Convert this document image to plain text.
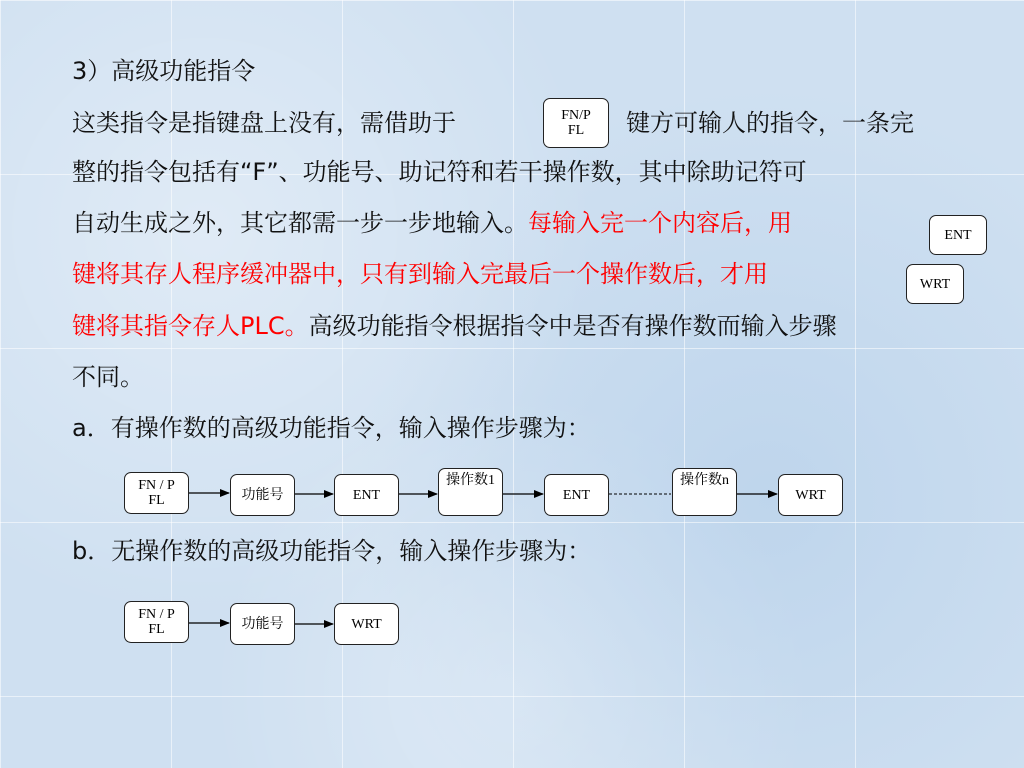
3）高级功能指令
这类指令是指键盘上没有，需借助于	FN/P
FL 键方可输人的指令，一条完
整的指令包括有“F”、功能号、助记符和若干操作数，其中除助记符可
自动生成之外，其它都需一步一步地输入。每输入完一个内容后，用	ENT
键将其存人程序缓冲器中，只有到输入完最后一个操作数后，才用	WRT
键将其指令存人PLC。高级功能指令根据指令中是否有操作数而输入步骤
不同。
a．有操作数的高级功能指令，输入操作步骤为：
FN / P
FL	功能号	ENT
操作数1
ENT
操作数n
WRT
b．无操作数的高级功能指令，输入操作步骤为：
FN / P
FL	功能号	WRT
